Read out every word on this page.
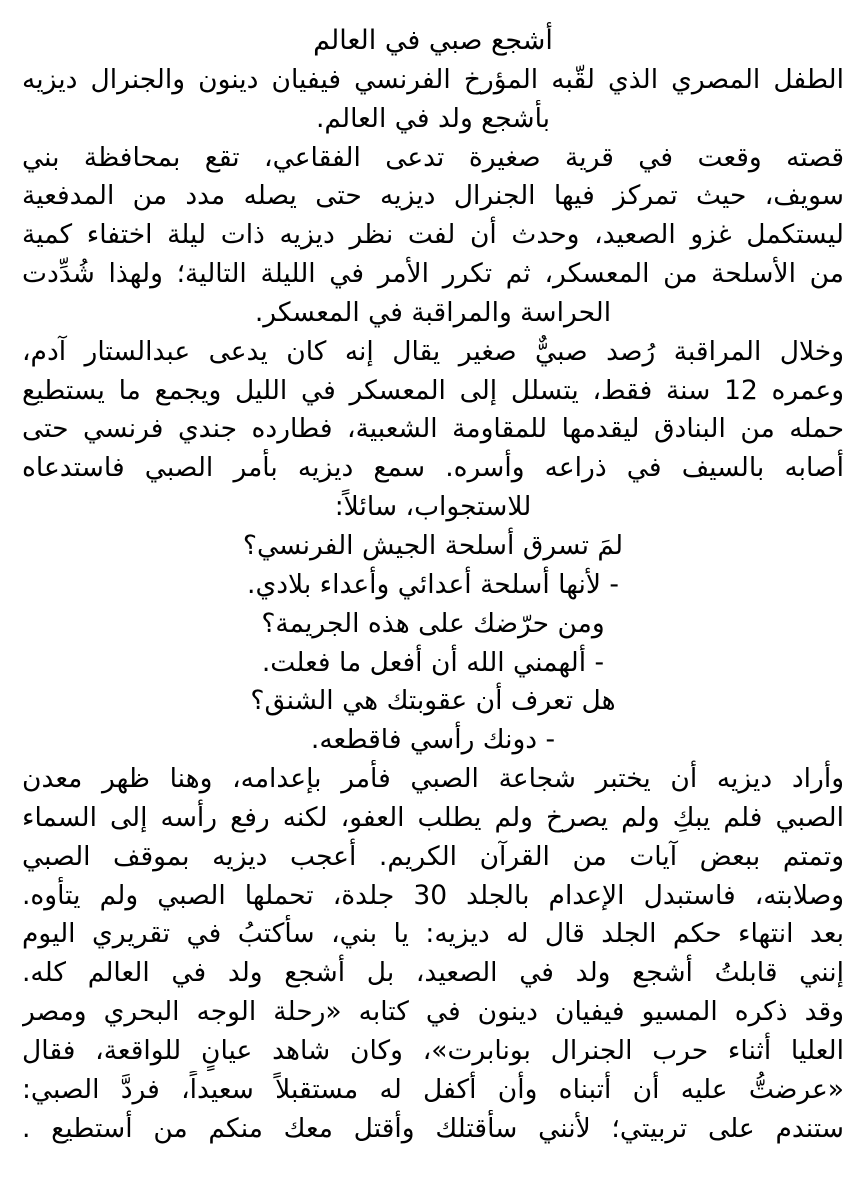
أشجع صبي في العالم
الطفل المصري الذي لقّبه المؤرخ الفرنسي فيفيان دينون والجنرال ديزيه
بأشجع ولد في العالم.
قصته وقعت في قرية صغيرة تدعى الفقاعي، تقع بمحافظة بني
سويف، حيث تمركز فيها الجنرال ديزيه حتى يصله مدد من المدفعية
ليستكمل غزو الصعيد، وحدث أن لفت نظر ديزيه ذات ليلة اختفاء كمية
من الأسلحة من المعسكر، ثم تكرر الأمر في الليلة التالية؛ ولهذا شُدِّدت
الحراسة والمراقبة في المعسكر.
وخلال المراقبة رُصد صبيٌّ صغير يقال إنه كان يدعى عبدالستار آدم،
وعمره 12 سنة فقط، يتسلل إلى المعسكر في الليل ويجمع ما يستطيع
حمله من البنادق ليقدمها للمقاومة الشعبية، فطارده جندي فرنسي حتى
أصابه بالسيف في ذراعه وأسره. سمع ديزيه بأمر الصبي فاستدعاه
للاستجواب، سائلاً:
لمَ تسرق أسلحة الجيش الفرنسي؟
- لأنها أسلحة أعدائي وأعداء بلادي.
ومن حرّضك على هذه الجريمة؟
- ألهمني الله أن أفعل ما فعلت.
هل تعرف أن عقوبتك هي الشنق؟
- دونك رأسي فاقطعه.
وأراد ديزيه أن يختبر شجاعة الصبي فأمر بإعدامه، وهنا ظهر معدن
الصبي فلم يبكِ ولم يصرخ ولم يطلب العفو، لكنه رفع رأسه إلى السماء
وتمتم ببعض آيات من القرآن الكريم. أعجب ديزيه بموقف الصبي
وصلابته، فاستبدل الإعدام بالجلد 30 جلدة، تحملها الصبي ولم يتأوه.
بعد انتهاء حكم الجلد قال له ديزيه: يا بني، سأكتبُ في تقريري اليوم
إنني قابلتُ أشجع ولد في الصعيد، بل أشجع ولد في العالم كله.
وقد ذكره المسيو فيفيان دينون في كتابه «رحلة الوجه البحري ومصر
العليا أثناء حرب الجنرال بونابرت»، وكان شاهد عيانٍ للواقعة، فقال
«عرضتُّ عليه أن أتبناه وأن أكفل له مستقبلاً سعيداً، فردَّ الصبي:
ستندم على تربيتي؛ لأنني سأقتلك وأقتل معك منكم من أستطيع .
